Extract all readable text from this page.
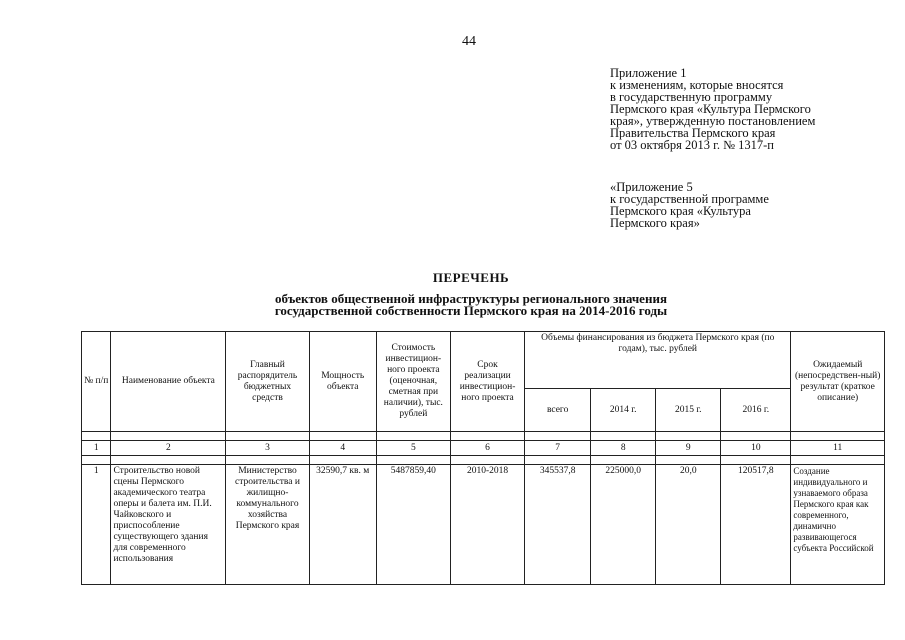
44
Приложение 1
к изменениям, которые вносятся
в государственную программу
Пермского края «Культура Пермского
края», утвержденную постановлением
Правительства Пермского края
от 03 октября 2013 г. № 1317-п
«Приложение 5
к государственной программе
Пермского края «Культура
Пермского края»
ПЕРЕЧЕНЬ
объектов общественной инфраструктуры регионального значения
государственной собственности Пермского края на 2014-2016 годы
№ п/п	Наименование объекта	Главный распорядитель бюджетных средств	Мощность объекта	Стоимость инвестицион-ного проекта (оценочная, сметная при наличии), тыс. рублей	Срок реализации инвестицион-ного проекта	Объемы финансирования из бюджета Пермского края (по годам), тыс. рублей				Ожидаемый (непосредствен-ный) результат (краткое описание)
						всего	2014 г.	2015 г.	2016 г.	

1	2	3	4	5	6	7	8	9	10	11

1	Строительство новой сцены Пермского академического театра оперы и балета им. П.И. Чайковского и приспособление существующего здания для современного использования	Министерство строительства и жилищно-коммунального хозяйства Пермского края	32590,7 кв. м	5487859,40	2010-2018	345537,8	225000,0	20,0	120517,8	Создание индивидуального и узнаваемого образа Пермского края как современного, динамично развивающегося субъекта Российской
